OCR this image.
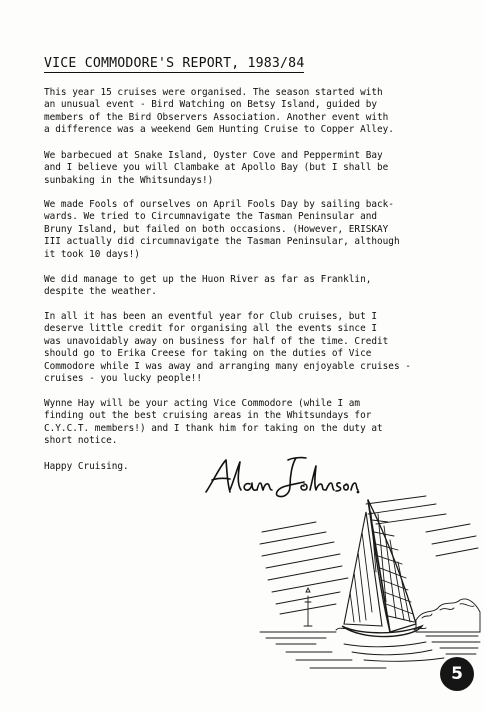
VICE COMMODORE'S REPORT, 1983/84

This year 15 cruises were organised. The season started with
an unusual event - Bird Watching on Betsy Island, guided by
members of the Bird Observers Association. Another event with
a difference was a weekend Gem Hunting Cruise to Copper Alley.

We barbecued at Snake Island, Oyster Cove and Peppermint Bay
and I believe you will Clambake at Apollo Bay (but I shall be
sunbaking in the Whitsundays!)

We made Fools of ourselves on April Fools Day by sailing back-
wards. We tried to Circumnavigate the Tasman Peninsular and
Bruny Island, but failed on both occasions. (However, ERISKAY
III actually did circumnavigate the Tasman Peninsular, although
it took 10 days!)

We did manage to get up the Huon River as far as Franklin,
despite the weather.

In all it has been an eventful year for Club cruises, but I
deserve little credit for organising all the events since I
was unavoidably away on business for half of the time. Credit
should go to Erika Creese for taking on the duties of Vice
Commodore while I was away and arranging many enjoyable cruises -
cruises - you lucky people!!

Wynne Hay will be your acting Vice Commodore (while I am
finding out the best cruising areas in the Whitsundays for
C.Y.C.T. members!) and I thank him for taking on the duty at
short notice.

Happy Cruising.
5
